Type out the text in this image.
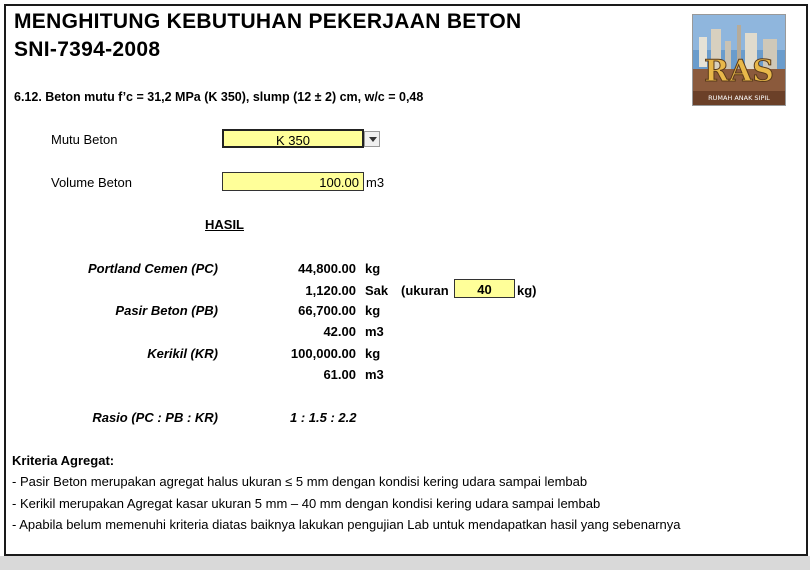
MENGHITUNG KEBUTUHAN PEKERJAAN BETON
SNI-7394-2008
RAS
RUMAH ANAK SIPIL
6.12. Beton mutu f’c = 31,2 MPa (K 350), slump (12 ± 2) cm, w/c = 0,48
Mutu Beton	K 350
Volume Beton	100.00 m3
HASIL
Portland Cemen (PC)	44,800.00 kg
1,120.00 Sak (ukuran	40	kg)
Pasir Beton (PB)	66,700.00 kg
42.00 m3
Kerikil (KR)	100,000.00 kg
61.00 m3
Rasio (PC : PB : KR)	1 : 1.5 : 2.2
Kriteria Agregat:
- Pasir Beton merupakan agregat halus ukuran ≤ 5 mm dengan kondisi kering udara sampai lembab
- Kerikil merupakan Agregat kasar ukuran 5 mm – 40 mm dengan kondisi kering udara sampai lembab
- Apabila belum memenuhi kriteria diatas baiknya lakukan pengujian Lab untuk mendapatkan hasil yang sebenarnya
